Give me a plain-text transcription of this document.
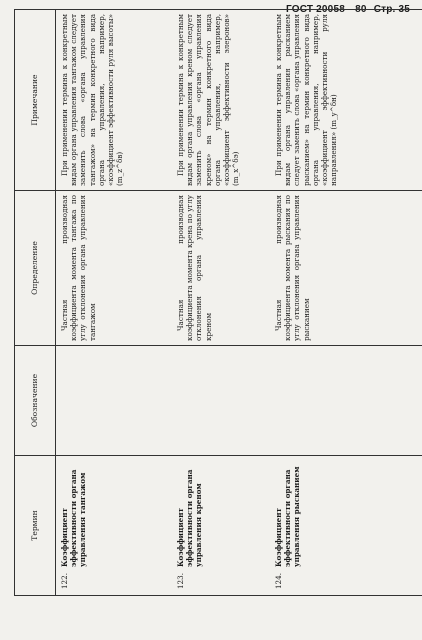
ГОСТ 20058—80 Стр. 35
Термин	Обозначение	Определение	Примечание

122.
Коэффициент эффективности органа управления тангажом		Частная производная коэффициента момента тангажа по углу отклонения органа управления тангажом	При применении термина к конкретным видам органа управления тангажом следует заменить слова «органа управления тангажом» на термин конкретного вида органа управления, например, «коэффициент эффективности руля высоты» (m_z^δв)

123.
Коэффициент эффективности органа управления креном		Частная производная коэффициента момента крена по углу отклонения органа управления креном	При применении термина к конкретным видам органа управления креном следует заменить слова «органа управления креном» на термин конкретного вида органа управления, например, «коэффициент эффективности элеронов» (m_x^δэ)

124.
Коэффициент эффективности органа управления рысканием		Частная производная коэффициента момента рыскания по углу отклонения органа управления рысканием	При применении термина к конкретным видам органа управления рысканием следует заменить слова «органа управления рысканием» на термин конкретного вида органа управления, например, «коэффициент эффективности руля направления» (m_y^δн)
